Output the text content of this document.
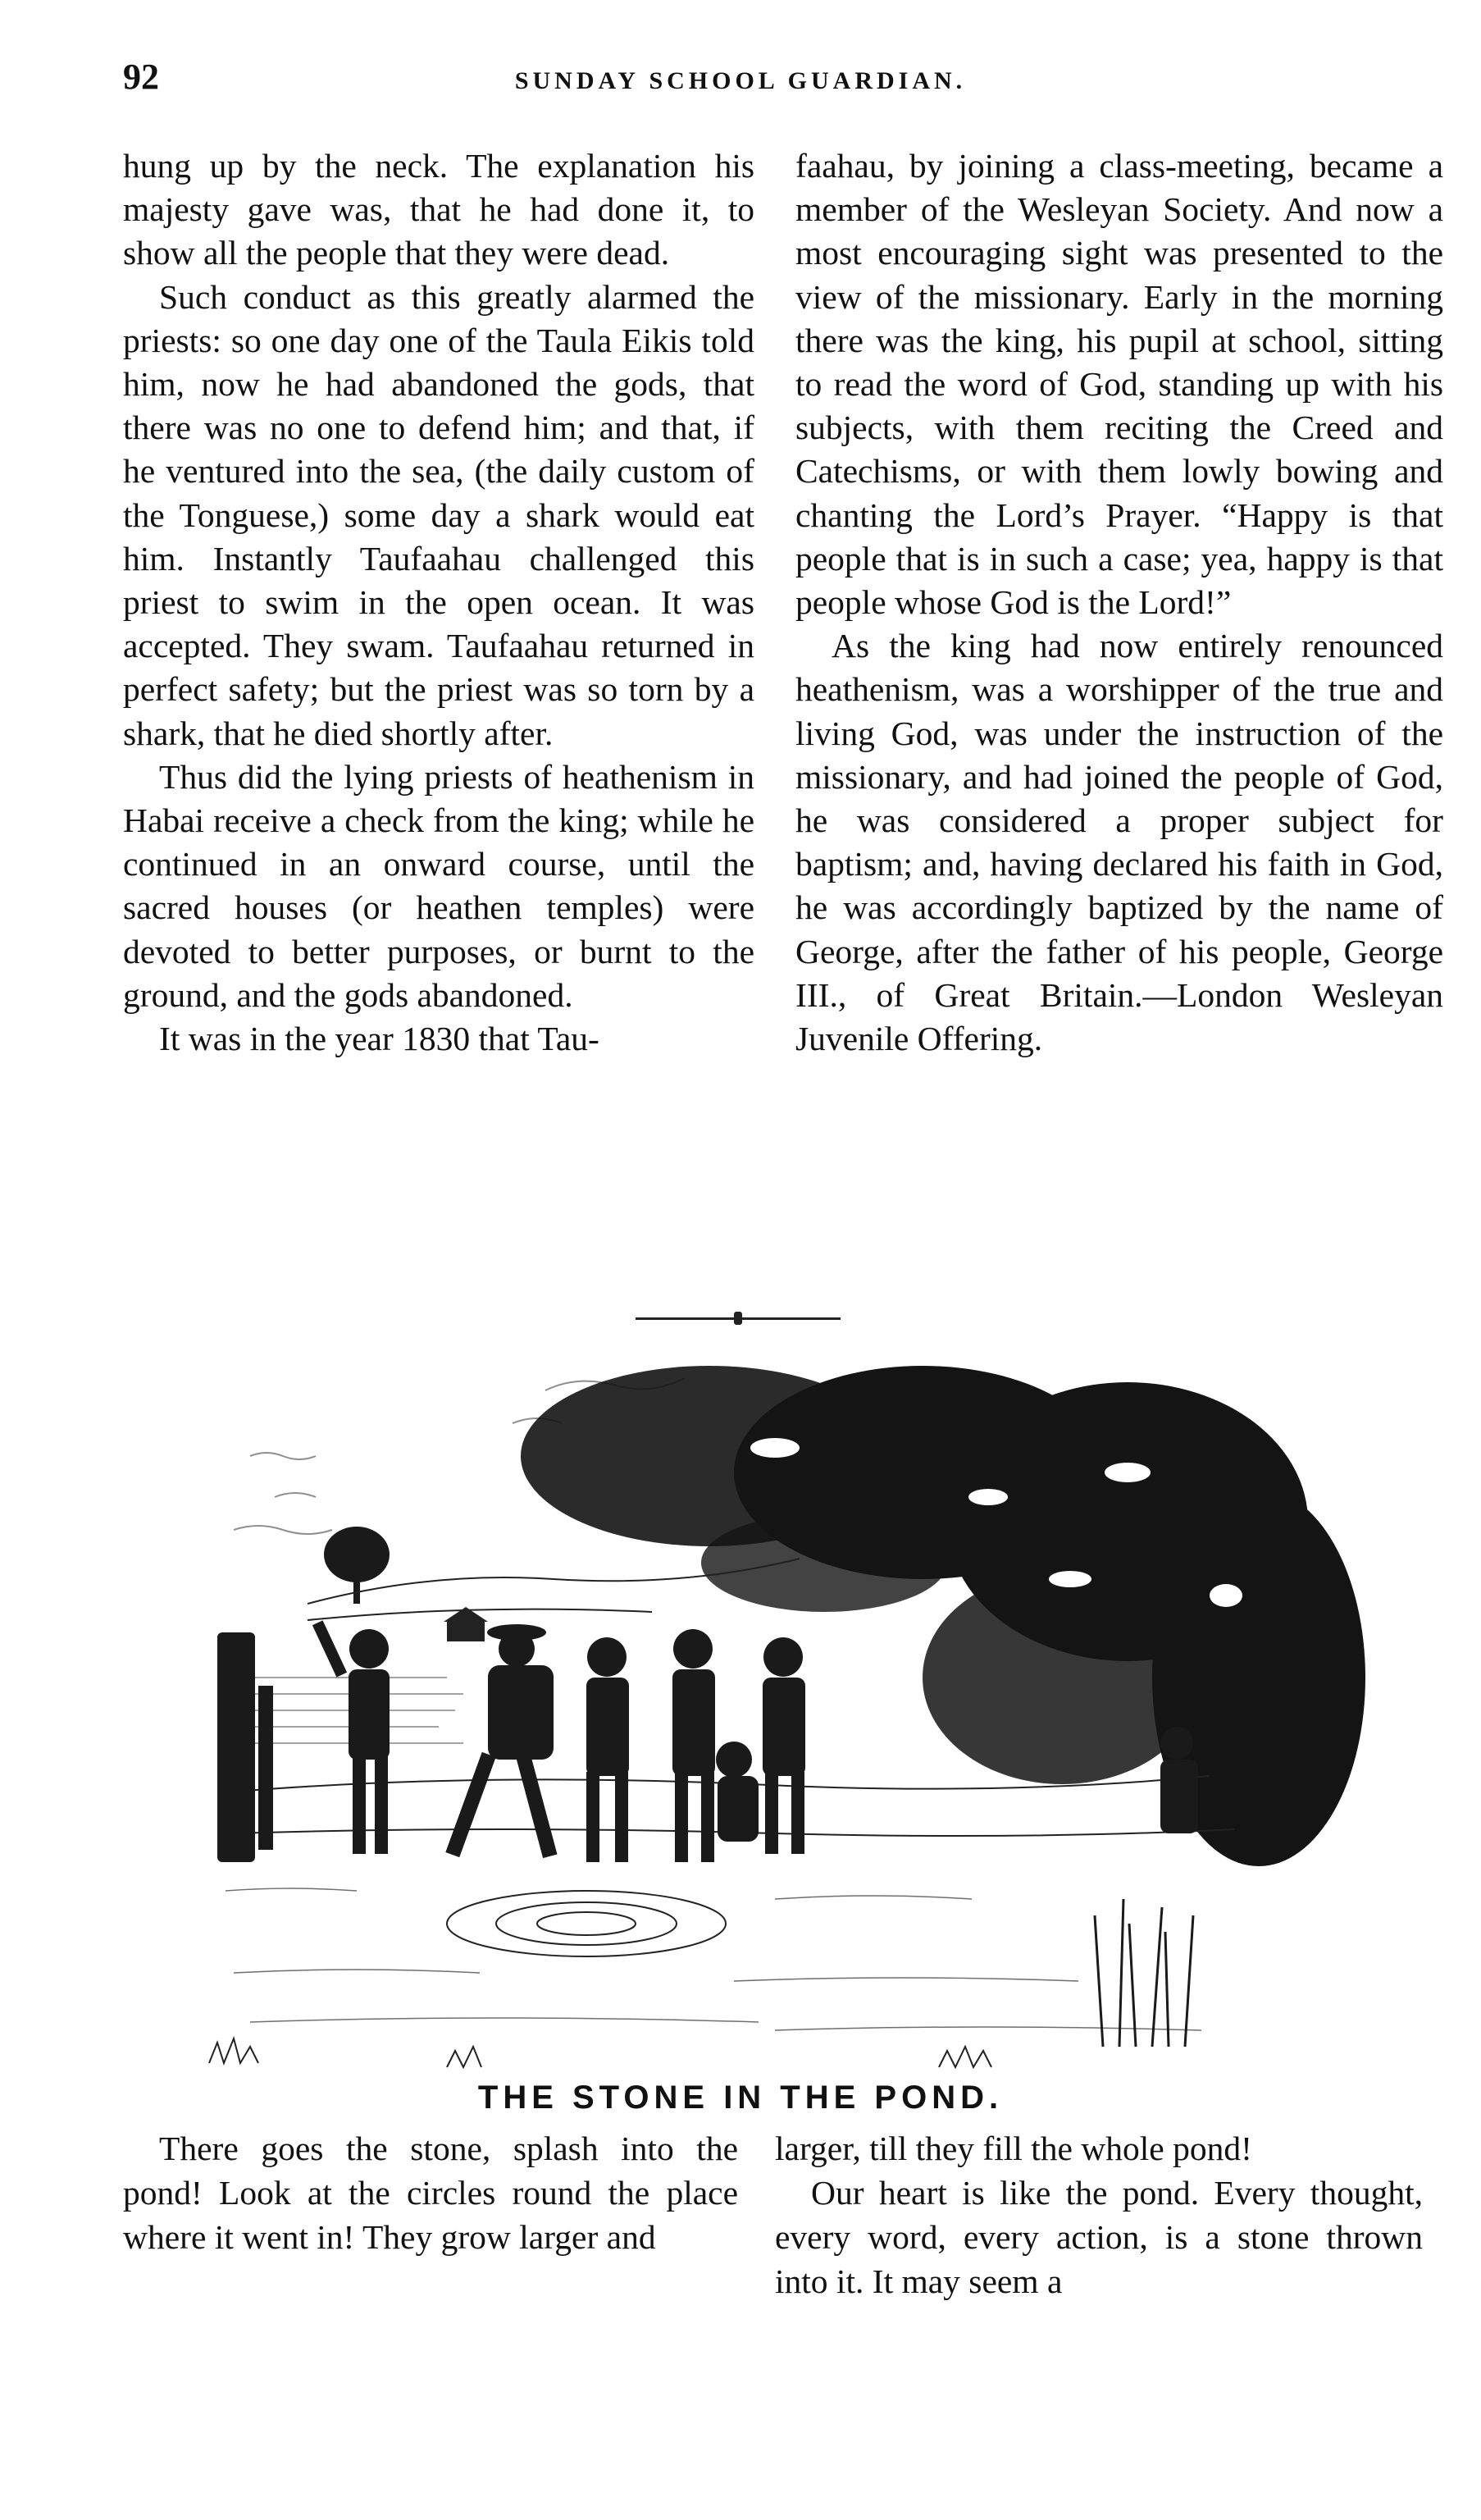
92	SUNDAY SCHOOL GUARDIAN.

hung up by the neck. The explanation his majesty gave was, that he had done it, to show all the people that they were dead.

Such conduct as this greatly alarmed the priests: so one day one of the Taula Eikis told him, now he had abandoned the gods, that there was no one to defend him; and that, if he ventured into the sea, (the daily custom of the Tonguese,) some day a shark would eat him. Instantly Taufaahau challenged this priest to swim in the open ocean. It was accepted. They swam. Taufaahau returned in perfect safety; but the priest was so torn by a shark, that he died shortly after.

Thus did the lying priests of heathenism in Habai receive a check from the king; while he continued in an onward course, until the sacred houses (or heathen temples) were devoted to better purposes, or burnt to the ground, and the gods abandoned.

It was in the year 1830 that Tau-

faahau, by joining a class-meeting, became a member of the Wesleyan Society. And now a most encouraging sight was presented to the view of the missionary. Early in the morning there was the king, his pupil at school, sitting to read the word of God, standing up with his subjects, with them reciting the Creed and Catechisms, or with them lowly bowing and chanting the Lord’s Prayer. “Happy is that people that is in such a case; yea, happy is that people whose God is the Lord!”

As the king had now entirely renounced heathenism, was a worshipper of the true and living God, was under the instruction of the missionary, and had joined the people of God, he was considered a proper subject for baptism; and, having declared his faith in God, he was accordingly baptized by the name of George, after the father of his people, George III., of Great Britain.—London Wesleyan Juvenile Offering.

THE STONE IN THE POND.

There goes the stone, splash into the pond! Look at the circles round the place where it went in! They grow larger and

larger, till they fill the whole pond!

Our heart is like the pond. Every thought, every word, every action, is a stone thrown into it. It may seem a
